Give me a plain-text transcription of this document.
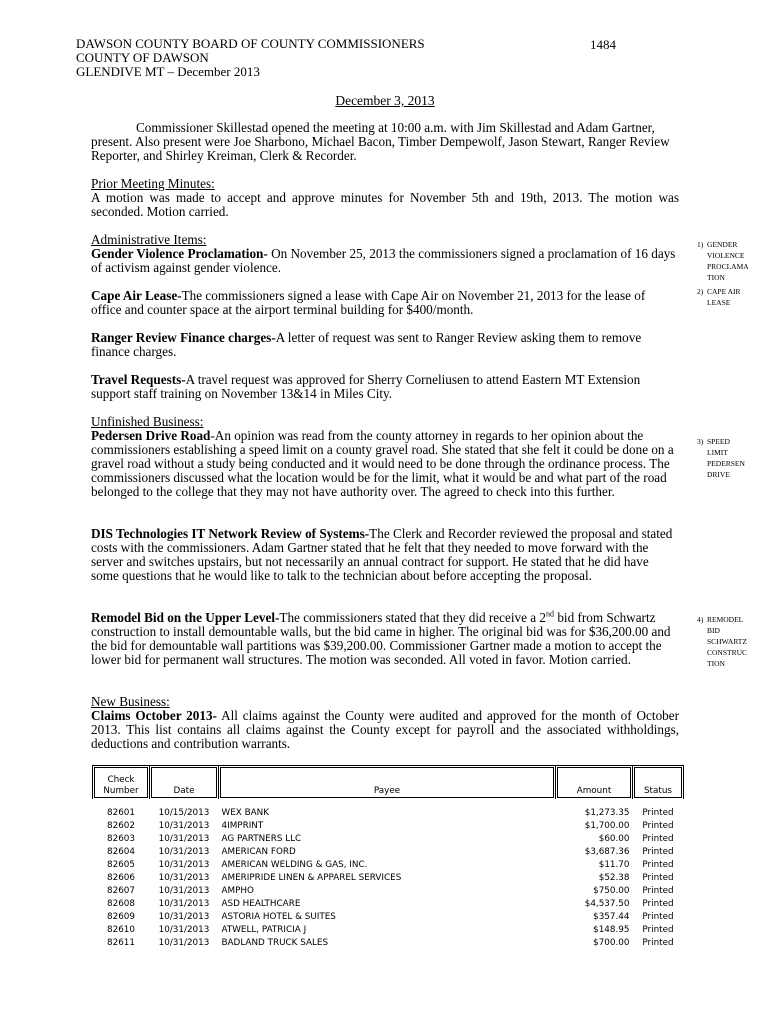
DAWSON COUNTY BOARD OF COUNTY COMMISSIONERS
COUNTY OF DAWSON
GLENDIVE MT – December 2013
1484
December 3, 2013
Commissioner Skillestad opened the meeting at 10:00 a.m. with Jim Skillestad and Adam Gartner, present. Also present were Joe Sharbono, Michael Bacon, Timber Dempewolf, Jason Stewart, Ranger Review Reporter, and Shirley Kreiman, Clerk & Recorder.
Prior Meeting Minutes:
A motion was made to accept and approve minutes for November 5th and 19th, 2013. The motion was seconded. Motion carried.
Administrative Items:
Gender Violence Proclamation- On November 25, 2013 the commissioners signed a proclamation of 16 days of activism against gender violence.
Cape Air Lease-The commissioners signed a lease with Cape Air on November 21, 2013 for the lease of office and counter space at the airport terminal building for $400/month.
Ranger Review Finance charges-A letter of request was sent to Ranger Review asking them to remove finance charges.
Travel Requests-A travel request was approved for Sherry Corneliusen to attend Eastern MT Extension support staff training on November 13&14 in Miles City.
Unfinished Business:
Pedersen Drive Road-An opinion was read from the county attorney in regards to her opinion about the commissioners establishing a speed limit on a county gravel road. She stated that she felt it could be done on a gravel road without a study being conducted and it would need to be done through the ordinance process. The commissioners discussed what the location would be for the limit, what it would be and what part of the road belonged to the college that they may not have authority over. The agreed to check into this further.
DIS Technologies IT Network Review of Systems-The Clerk and Recorder reviewed the proposal and stated costs with the commissioners. Adam Gartner stated that he felt that they needed to move forward with the server and switches upstairs, but not necessarily an annual contract for support. He stated that he did have some questions that he would like to talk to the technician about before accepting the proposal.
Remodel Bid on the Upper Level-The commissioners stated that they did receive a 2nd bid from Schwartz construction to install demountable walls, but the bid came in higher. The original bid was for $36,200.00 and the bid for demountable wall partitions was $39,200.00. Commissioner Gartner made a motion to accept the lower bid for permanent wall structures. The motion was seconded. All voted in favor. Motion carried.
New Business:
Claims October 2013- All claims against the County were audited and approved for the month of October 2013. This list contains all claims against the County except for payroll and the associated withholdings, deductions and contribution warrants.
1) GENDER

VIOLENCE
PROCLAMA
TION
2) CAPE AIR

LEASE
3) SPEED

LIMIT
PEDERSEN
DRIVE
4) REMODEL

BID
SCHWARTZ
CONSTRUC
TION
Check
Number	Date	Payee	Amount	Status

82601	10/15/2013	WEX BANK	$1,273.35	Printed
82602	10/31/2013	4IMPRINT	$1,700.00	Printed
82603	10/31/2013	AG PARTNERS LLC	$60.00	Printed
82604	10/31/2013	AMERICAN FORD	$3,687.36	Printed
82605	10/31/2013	AMERICAN WELDING & GAS, INC.	$11.70	Printed
82606	10/31/2013	AMERIPRIDE LINEN & APPAREL SERVICES	$52.38	Printed
82607	10/31/2013	AMPHO	$750.00	Printed
82608	10/31/2013	ASD HEALTHCARE	$4,537.50	Printed
82609	10/31/2013	ASTORIA HOTEL & SUITES	$357.44	Printed
82610	10/31/2013	ATWELL, PATRICIA J	$148.95	Printed
82611	10/31/2013	BADLAND TRUCK SALES	$700.00	Printed
